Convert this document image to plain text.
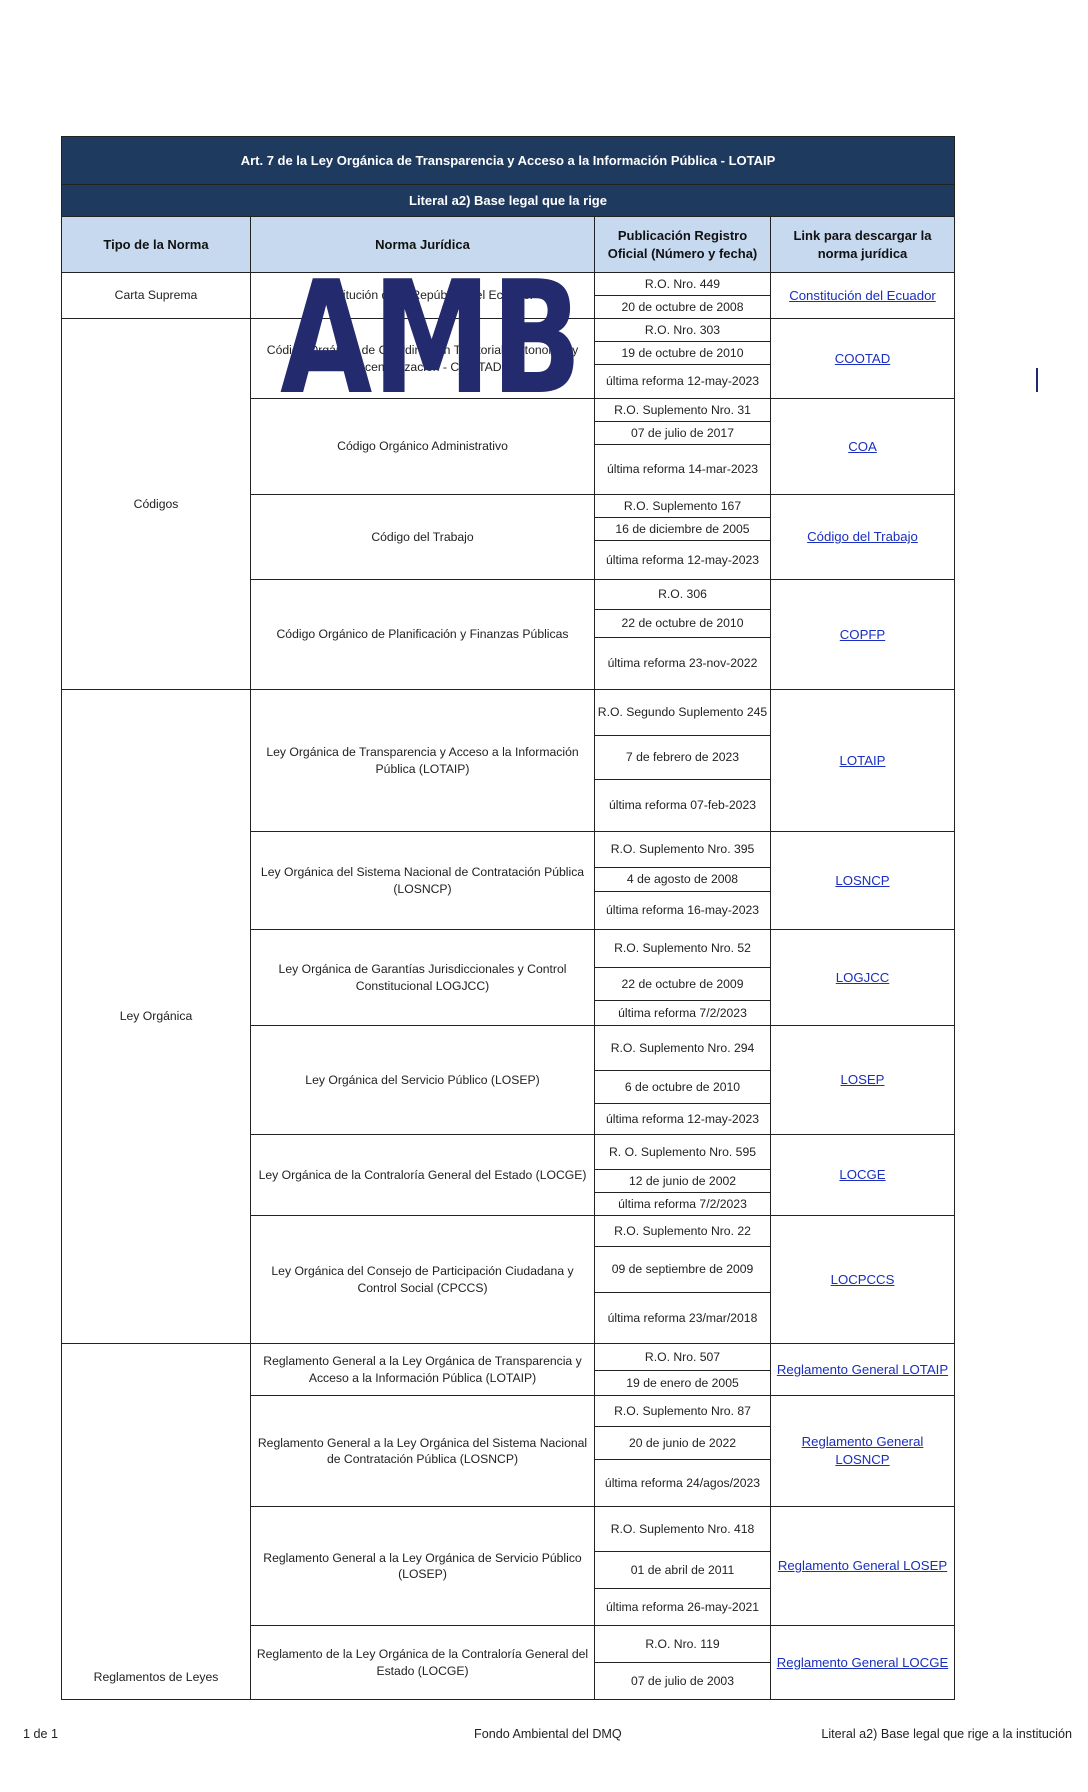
Art. 7 de la Ley Orgánica de Transparencia y Acceso a la Información Pública - LOTAIP			
Literal a2) Base legal que la rige			
Tipo de la Norma	Norma Jurídica	Publicación Registro Oficial (Número y fecha)	Link para descargar la norma jurídica
Carta Suprema	Constitución de la República del Ecuador	R.O. Nro. 449	Constitución del Ecuador
		20 de octubre de 2008	
Códigos	Código Orgánico de Coordinación Territorial, Autonomía y Descentralización - COOTAD	R.O. Nro. 303	COOTAD
		19 de octubre de 2010	
		última reforma 12-may-2023	
	Código Orgánico Administrativo	R.O. Suplemento Nro. 31	COA
		07 de julio de 2017	
		última reforma 14-mar-2023	
	Código del Trabajo	R.O. Suplemento 167	Código del Trabajo
		16 de diciembre de 2005	
		última reforma 12-may-2023	
	Código Orgánico de Planificación y Finanzas Públicas	R.O. 306	COPFP
		22 de octubre de 2010	
		última reforma 23-nov-2022	
Ley Orgánica	Ley Orgánica de Transparencia y Acceso a la Información Pública (LOTAIP)	R.O. Segundo Suplemento 245	LOTAIP
		7 de febrero de 2023	
		última reforma 07-feb-2023	
	Ley Orgánica del Sistema Nacional de Contratación Pública (LOSNCP)	R.O. Suplemento Nro. 395	LOSNCP
		4 de agosto de 2008	
		última reforma 16-may-2023	
	Ley Orgánica de Garantías Jurisdiccionales y Control Constitucional LOGJCC)	R.O. Suplemento Nro. 52	LOGJCC
		22 de octubre de 2009	
		última reforma 7/2/2023	
	Ley Orgánica del Servicio Público (LOSEP)	R.O. Suplemento Nro. 294	LOSEP
		6 de octubre de 2010	
		última reforma 12-may-2023	
	Ley Orgánica de la Contraloría General del Estado (LOCGE)	R. O. Suplemento Nro. 595	LOCGE
		12 de junio de 2002	
		última reforma 7/2/2023	
	Ley Orgánica del Consejo de Participación Ciudadana y Control Social (CPCCS)	R.O. Suplemento Nro. 22	LOCPCCS
		09 de septiembre de 2009	
		última reforma 23/mar/2018	
Reglamentos de Leyes	Reglamento General a la Ley Orgánica de Transparencia y Acceso a la Información Pública (LOTAIP)	R.O. Nro. 507	Reglamento General LOTAIP
		19 de enero de 2005	
	Reglamento General a la Ley Orgánica del Sistema Nacional de Contratación Pública (LOSNCP)	R.O. Suplemento Nro. 87	Reglamento General LOSNCP
		20 de junio de 2022	
		última reforma 24/agos/2023	
	Reglamento General a la Ley Orgánica de Servicio Público (LOSEP)	R.O. Suplemento Nro. 418	Reglamento General LOSEP
		01 de abril de 2011	
		última reforma 26-may-2021	
	Reglamento de la Ley Orgánica de la Contraloría General del Estado (LOCGE)	R.O. Nro. 119	Reglamento General LOCGE
		07 de julio de 2003	
AMB
1 de 1	Fondo Ambiental del DMQ	Literal a2) Base legal que rige a la institución
